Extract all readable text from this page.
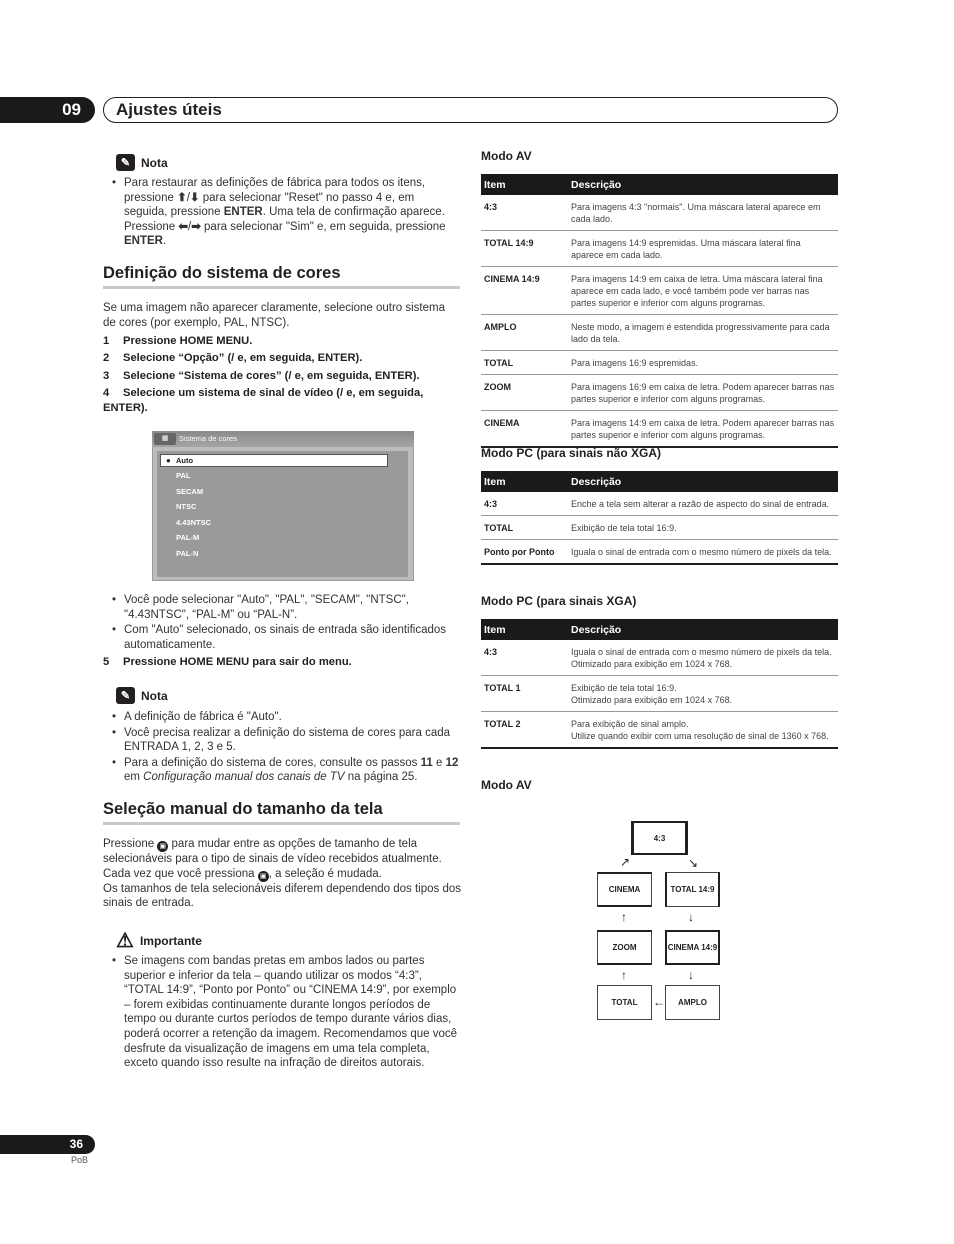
09	Ajustes úteis
✎ Nota
• Para restaurar as definições de fábrica para todos os itens, pressione ⬆/⬇ para selecionar "Reset" no passo 4 e, em seguida, pressione ENTER. Uma tela de confirmação aparece. Pressione ⬅/➡ para selecionar "Sim" e, em seguida, pressione ENTER.
Definição do sistema de cores
Se uma imagem não aparecer claramente, selecione outro sistema de cores (por exemplo, PAL, NTSC).
1 Pressione HOME MENU.
2 Selecione “Opção” (/ e, em seguida, ENTER).
3 Selecione “Sistema de cores” (/ e, em seguida, ENTER).
4 Selecione um sistema de sinal de vídeo (/ e, em seguida, ENTER).
▦	Sistema de cores
● Auto
PAL
SECAM
NTSC
4.43NTSC
PAL-M
PAL-N
• Você pode selecionar "Auto", "PAL", "SECAM", "NTSC", "4.43NTSC", “PAL-M” ou “PAL-N”.
• Com "Auto" selecionado, os sinais de entrada são identificados automaticamente.
5 Pressione HOME MENU para sair do menu.
✎ Nota
• A definição de fábrica é "Auto".
• Você precisa realizar a definição do sistema de cores para cada ENTRADA 1, 2, 3 e 5.
• Para a definição do sistema de cores, consulte os passos 11 e 12 em Configuração manual dos canais de TV na página 25.
Seleção manual do tamanho da tela
Pressione ▣ para mudar entre as opções de tamanho de tela selecionáveis para o tipo de sinais de vídeo recebidos atualmente.
Cada vez que você pressiona ▣ , a seleção é mudada.
Os tamanhos de tela selecionáveis diferem dependendo dos tipos dos sinais de entrada.
⚠ Importante
• Se imagens com bandas pretas em ambos lados ou partes superior e inferior da tela – quando utilizar os modos “4:3”, “TOTAL 14:9”, “Ponto por Ponto” ou “CINEMA 14:9”, por exemplo – forem exibidas continuamente durante longos períodos de tempo ou durante curtos períodos de tempo durante vários dias, poderá ocorrer a retenção da imagem. Recomendamos que você desfrute da visualização de imagens em uma tela completa, exceto quando isso resulte na infração de direitos autorais.
Modo AV
Item	Descrição
4:3	Para imagens 4:3 "normais". Uma máscara lateral aparece em cada lado.
TOTAL 14:9	Para imagens 14:9 espremidas. Uma máscara lateral fina aparece em cada lado.
CINEMA 14:9	Para imagens 14:9 em caixa de letra. Uma máscara lateral fina aparece em cada lado, e você também pode ver barras nas partes superior e inferior com alguns programas.
AMPLO	Neste modo, a imagem é estendida progressivamente para cada lado da tela.
TOTAL	Para imagens 16:9 espremidas.
ZOOM	Para imagens 16:9 em caixa de letra. Podem aparecer barras nas partes superior e inferior com alguns programas.
CINEMA	Para imagens 14:9 em caixa de letra. Podem aparecer barras nas partes superior e inferior com alguns programas.
Modo PC (para sinais não XGA)
Item	Descrição
4:3	Enche a tela sem alterar a razão de aspecto do sinal de entrada.
TOTAL	Exibição de tela total 16:9.
Ponto por Ponto	Iguala o sinal de entrada com o mesmo número de pixels da tela.
Modo PC (para sinais XGA)
Item	Descrição
4:3	Iguala o sinal de entrada com o mesmo número de pixels da tela.
Otimizado para exibição em 1024 x 768.
TOTAL 1	Exibição de tela total 16:9.
Otimizado para exibição em 1024 x 768.
TOTAL 2	Para exibição de sinal amplo.
Utilize quando exibir com uma resolução de sinal de 1360 x 768.
Modo AV
4:3
CINEMA	TOTAL 14:9
ZOOM	CINEMA 14:9
TOTAL	AMPLO
↗	↘
↑	↓
↑	↓
←
36
PoB
